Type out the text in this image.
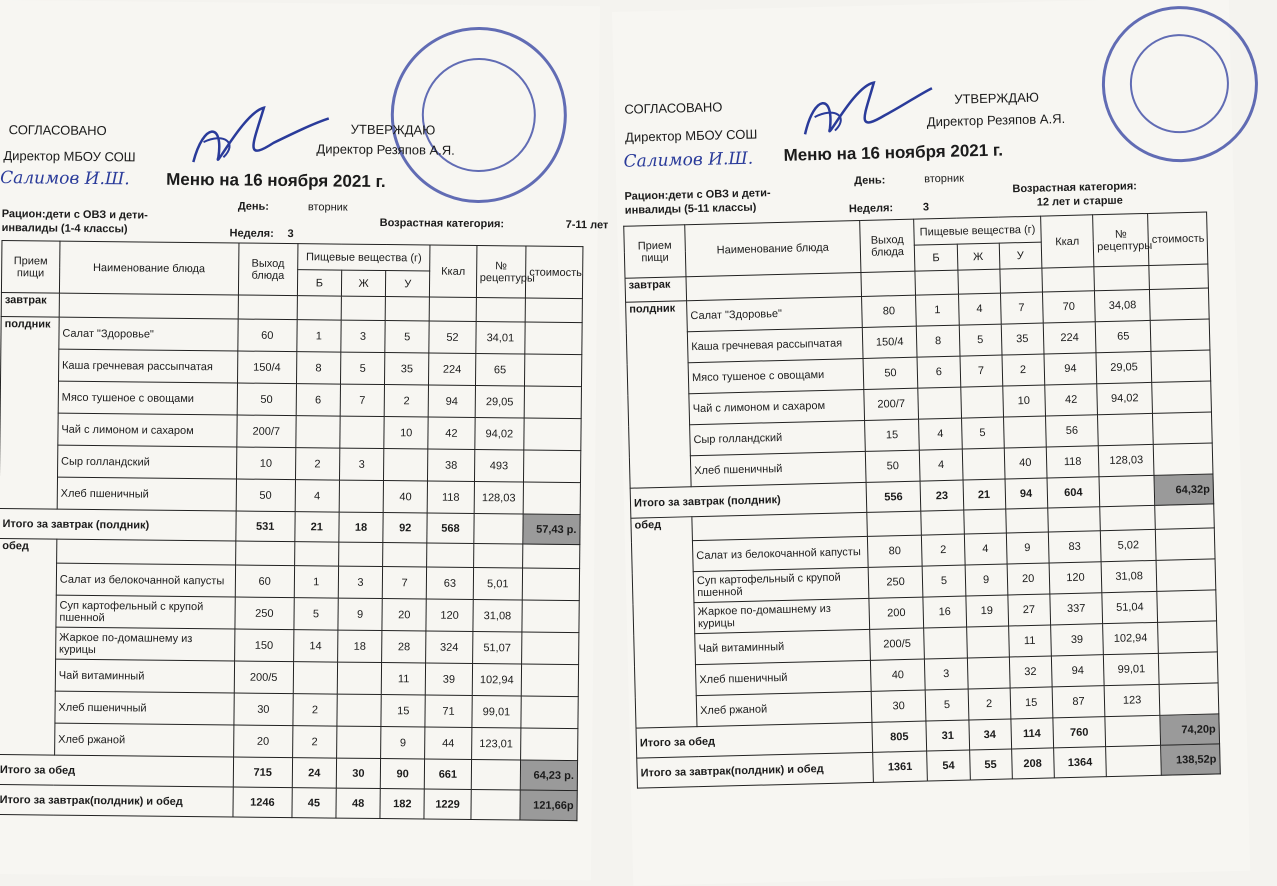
СОГЛАСОВАНО
Директор МБОУ СОШ
УТВЕРЖДАЮ
Директор Резяпов А.Я.
Салимов И.Ш. Меню на 16 ноября 2021 г.
Рацион:дети с ОВЗ и дети-инвалиды (1-4 классы)
День:	вторник
Неделя: 3
Возрастная категория:	7-11 лет
Прием пищи	Наименование блюда	Выход блюда	Пищевые вещества (г)			Ккал	№ рецептуры	стоимость
			Б	Ж	У			
завтрак								
полдник	Салат "Здоровье"	60	1	3	5	52	34,01	
	Каша гречневая рассыпчатая	150/4	8	5	35	224	65	
	Мясо тушеное с овощами	50	6	7	2	94	29,05	
	Чай с лимоном и сахаром	200/7			10	42	94,02	
	Сыр голландский	10	2	3		38	493	
	Хлеб пшеничный	50	4		40	118	128,03	
Итого за завтрак (полдник)		531	21	18	92	568		57,43 р.
обед								
	Салат из белокочанной капусты	60	1	3	7	63	5,01	
	Суп картофельный с крупой пшенной	250	5	9	20	120	31,08	
	Жаркое по-домашнему из курицы	150	14	18	28	324	51,07	
	Чай витаминный	200/5			11	39	102,94	
	Хлеб пшеничный	30	2		15	71	99,01	
	Хлеб ржаной	20	2		9	44	123,01	
Итого за обед		715	24	30	90	661		64,23 р.
Итого за завтрак(полдник) и обед		1246	45	48	182	1229		121,66р
СОГЛАСОВАНО
Директор МБОУ СОШ
УТВЕРЖДАЮ
Директор Резяпов А.Я.
Салимов И.Ш. Меню на 16 ноября 2021 г.
Рацион:дети с ОВЗ и дети-инвалиды (5-11 классы)
День:	вторник
Неделя:	3
Возрастная категория:
12 лет и старше
Прием пищи	Наименование блюда	Выход блюда	Пищевые вещества (г)			Ккал	№ рецептуры	стоимость
			Б	Ж	У			
завтрак								
полдник	Салат "Здоровье"	80	1	4	7	70	34,08	
	Каша гречневая рассыпчатая	150/4	8	5	35	224	65	
	Мясо тушеное с овощами	50	6	7	2	94	29,05	
	Чай с лимоном и сахаром	200/7			10	42	94,02	
	Сыр голландский	15	4	5		56		
	Хлеб пшеничный	50	4		40	118	128,03	
Итого за завтрак (полдник)		556	23	21	94	604		64,32р
обед								
	Салат из белокочанной капусты	80	2	4	9	83	5,02	
	Суп картофельный с крупой пшенной	250	5	9	20	120	31,08	
	Жаркое по-домашнему из курицы	200	16	19	27	337	51,04	
	Чай витаминный	200/5			11	39	102,94	
	Хлеб пшеничный	40	3		32	94	99,01	
	Хлеб ржаной	30	5	2	15	87	123	
Итого за обед		805	31	34	114	760		74,20р
Итого за завтрак(полдник) и обед		1361	54	55	208	1364		138,52р
